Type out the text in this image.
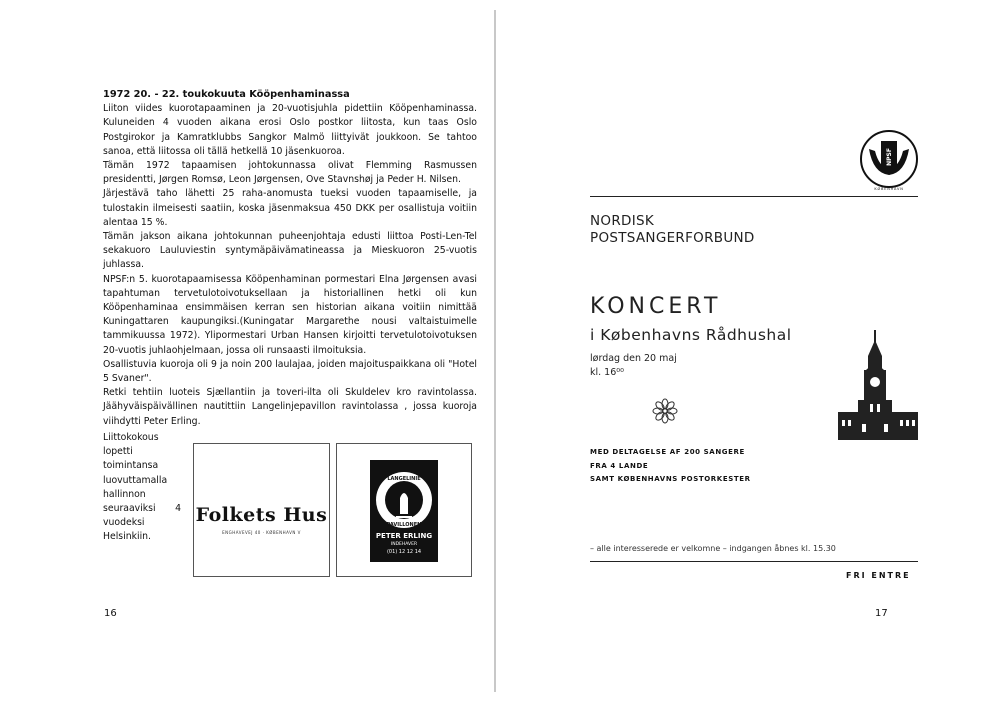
1972 20. - 22. toukokuuta Kööpenhaminassa

Liiton viides kuorotapaaminen ja 20-vuotisjuhla pidettiin Kööpenhaminassa. Kuluneiden 4 vuoden aikana erosi Oslo postkor liitosta, kun taas Oslo Postgirokor ja Kamratklubbs Sangkor Malmö liittyivät joukkoon. Se tahtoo sanoa, että liitossa oli tällä hetkellä 10 jäsenkuoroa.

Tämän 1972 tapaamisen johtokunnassa olivat Flemming Rasmussen presidentti, Jørgen Romsø, Leon Jørgensen, Ove Stavnshøj ja Peder H. Nilsen.

Järjestävä taho lähetti 25 raha-anomusta tueksi vuoden tapaamiselle, ja tulostakin ilmeisesti saatiin, koska jäsenmaksua 450 DKK per osallistuja voitiin alentaa 15 %.

Tämän jakson aikana johtokunnan puheenjohtaja edusti liittoa Posti-Len-Tel sekakuoro Lauluviestin syntymäpäivämatineassa ja Mieskuoron 25-vuotis juhlassa.

NPSF:n 5. kuorotapaamisessa Kööpenhaminan pormestari Elna Jørgensen avasi tapahtuman tervetulotoivotuksellaan ja historiallinen hetki oli kun Kööpenhaminaa ensimmäisen kerran sen historian aikana voitiin nimittää Kuningattaren kaupungiksi.(Kuningatar Margarethe nousi valtaistuimelle tammikuussa 1972). Ylipormestari Urban Hansen kirjoitti tervetulotoivotuksen 20-vuotis juhlaohjelmaan, jossa oli runsaasti ilmoituksia.

Osallistuvia kuoroja oli 9 ja noin 200 laulajaa, joiden majoituspaikkana oli "Hotel 5 Svaner".

Retki tehtiin luoteis Sjællantiin ja toveri-ilta oli Skuldelev kro ravintolassa. Jäähyväispäivällinen nautittiin Langelinjepavillon ravintolassa , jossa kuoroja viihdytti Peter Erling.

Liittokokous lopetti toimintansa luovuttamalla hallinnon seuraaviksi 4 vuodeksi Helsinkiin.
Folkets Hus
ENGHAVEVEJ 40 · KØBENHAVN V
LANGELINIE
PAVILLONEN
PETER ERLING
INDEHAVER
(01) 12 12 14
16
NPSF
KØBENHAVN
NORDISK
POSTSANGERFORBUND
KONCERT
i Københavns Rådhushal
lørdag den 20 maj
kl. 16⁰⁰
MED DELTAGELSE AF 200 SANGERE
FRA 4 LANDE
SAMT KØBENHAVNS POSTORKESTER
– alle interesserede er velkomne – indgangen åbnes kl. 15.30
FRI ENTRE
17
